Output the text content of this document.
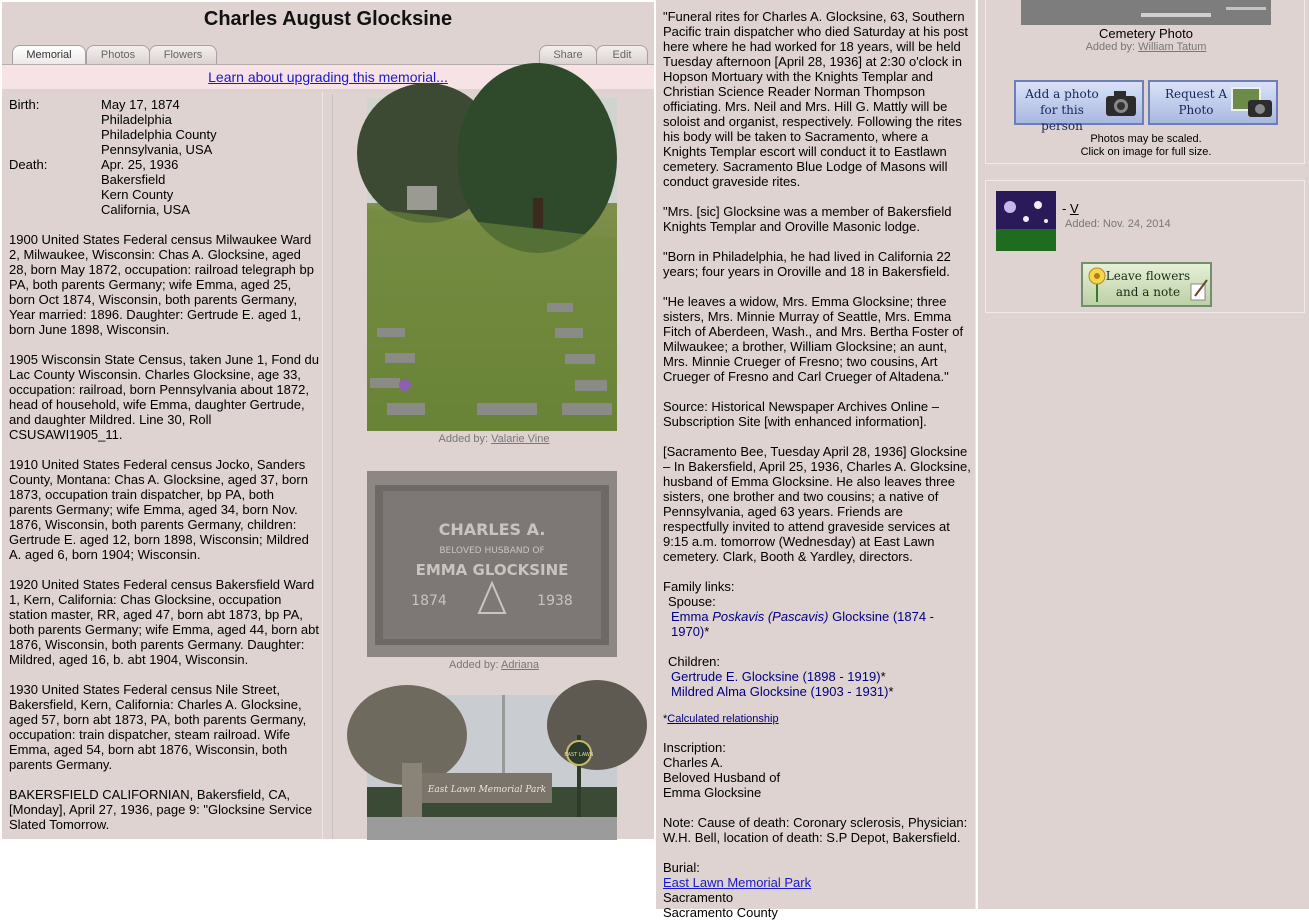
Charles August Glocksine
Memorial	Photos	Flowers	Share	Edit
Learn about upgrading this memorial...
Birth:	May 17, 1874
	Philadelphia
	Philadelphia County
	Pennsylvania, USA
Death:	Apr. 25, 1936
	Bakersfield
	Kern County
	California, USA

1900 United States Federal census Milwaukee Ward 2, Milwaukee, Wisconsin: Chas A. Glocksine, aged 28, born May 1872, occupation: railroad telegraph bp PA, both parents Germany; wife Emma, aged 25, born Oct 1874, Wisconsin, both parents Germany, Year married: 1896. Daughter: Gertrude E. aged 1, born June 1898, Wisconsin.

1905 Wisconsin State Census, taken June 1, Fond du Lac County Wisconsin. Charles Glocksine, age 33, occupation: railroad, born Pennsylvania about 1872, head of household, wife Emma, daughter Gertrude, and daughter Mildred. Line 30, Roll CSUSAWI1905_11.

1910 United States Federal census Jocko, Sanders County, Montana: Chas A. Glocksine, aged 37, born 1873, occupation train dispatcher, bp PA, both parents Germany; wife Emma, aged 34, born Nov. 1876, Wisconsin, both parents Germany, children: Gertrude E. aged 12, born 1898, Wisconsin; Mildred A. aged 6, born 1904; Wisconsin.

1920 United States Federal census Bakersfield Ward 1, Kern, California: Chas Glocksine, occupation station master, RR, aged 47, born abt 1873, bp PA, both parents Germany; wife Emma, aged 44, born abt 1876, Wisconsin, both parents Germany. Daughter: Mildred, aged 16, b. abt 1904, Wisconsin.

1930 United States Federal census Nile Street, Bakersfield, Kern, California: Charles A. Glocksine, aged 57, born abt 1873, PA, both parents Germany, occupation: train dispatcher, steam railroad. Wife Emma, aged 54, born abt 1876, Wisconsin, both parents Germany.

BAKERSFIELD CALIFORNIAN, Bakersfield, CA, [Monday], April 27, 1936, page 9: "Glocksine Service Slated Tomorrow.

Added by: Valarie Vine
CHARLES A.
BELOVED HUSBAND OF
EMMA GLOCKSINE
1874	1938
Added by: Adriana
East Lawn Memorial Park
EAST LAWN

"Funeral rites for Charles A. Glocksine, 63, Southern Pacific train dispatcher who died Saturday at his post here where he had worked for 18 years, will be held Tuesday afternoon [April 28, 1936] at 2:30 o'clock in Hopson Mortuary with the Knights Templar and Christian Science Reader Norman Thompson officiating. Mrs. Neil and Mrs. Hill G. Mattly will be soloist and organist, respectively. Following the rites his body will be taken to Sacramento, where a Knights Templar escort will conduct it to Eastlawn cemetery. Sacramento Blue Lodge of Masons will conduct graveside rites.

"Mrs. [sic] Glocksine was a member of Bakersfield Knights Templar and Oroville Masonic lodge.

"Born in Philadelphia, he had lived in California 22 years; four years in Oroville and 18 in Bakersfield.

"He leaves a widow, Mrs. Emma Glocksine; three sisters, Mrs. Minnie Murray of Seattle, Mrs. Emma Fitch of Aberdeen, Wash., and Mrs. Bertha Foster of Milwaukee; a brother, William Glocksine; an aunt, Mrs. Minnie Crueger of Fresno; two cousins, Art Crueger of Fresno and Carl Crueger of Altadena."

Source: Historical Newspaper Archives Online – Subscription Site [with enhanced information].

[Sacramento Bee, Tuesday April 28, 1936] Glocksine – In Bakersfield, April 25, 1936, Charles A. Glocksine, husband of Emma Glocksine. He also leaves three sisters, one brother and two cousins; a native of Pennsylvania, aged 63 years. Friends are respectfully invited to attend graveside services at 9:15 a.m. tomorrow (Wednesday) at East Lawn cemetery. Clark, Booth & Yardley, directors.

Family links:
Spouse:
Emma Poskavis (Pascavis) Glocksine (1874 - 1970)*
Children:
Gertrude E. Glocksine (1898 - 1919)*
Mildred Alma Glocksine (1903 - 1931)*
*Calculated relationship
Inscription:
Charles A.
Beloved Husband of
Emma Glocksine
Note: Cause of death: Coronary sclerosis, Physician: W.H. Bell, location of death: S.P Depot, Bakersfield.
Burial:
East Lawn Memorial Park
Sacramento
Sacramento County
Cemetery Photo
Added by: William Tatum
Add a photo for this person
Request A Photo
Photos may be scaled.
Click on image for full size.
- V
Added: Nov. 24, 2014
Leave flowers and a note
